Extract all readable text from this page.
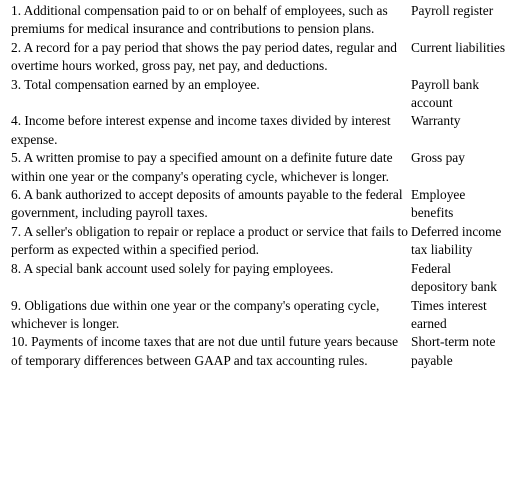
1. Additional compensation paid to or on behalf of employees, such as premiums for medical insurance and contributions to pension plans.	Payroll register
2. A record for a pay period that shows the pay period dates, regular and overtime hours worked, gross pay, net pay, and deductions.	Current liabilities
3. Total compensation earned by an employee.	Payroll bank account
4. Income before interest expense and income taxes divided by interest expense.	Warranty
5. A written promise to pay a specified amount on a definite future date within one year or the company's operating cycle, whichever is longer.	Gross pay
6. A bank authorized to accept deposits of amounts payable to the federal government, including payroll taxes.	Employee benefits
7. A seller's obligation to repair or replace a product or service that fails to perform as expected within a specified period.	Deferred income tax liability
8. A special bank account used solely for paying employees.	Federal depository bank
9. Obligations due within one year or the company's operating cycle, whichever is longer.	Times interest earned
10. Payments of income taxes that are not due until future years because of temporary differences between GAAP and tax accounting rules.	Short-term note payable
